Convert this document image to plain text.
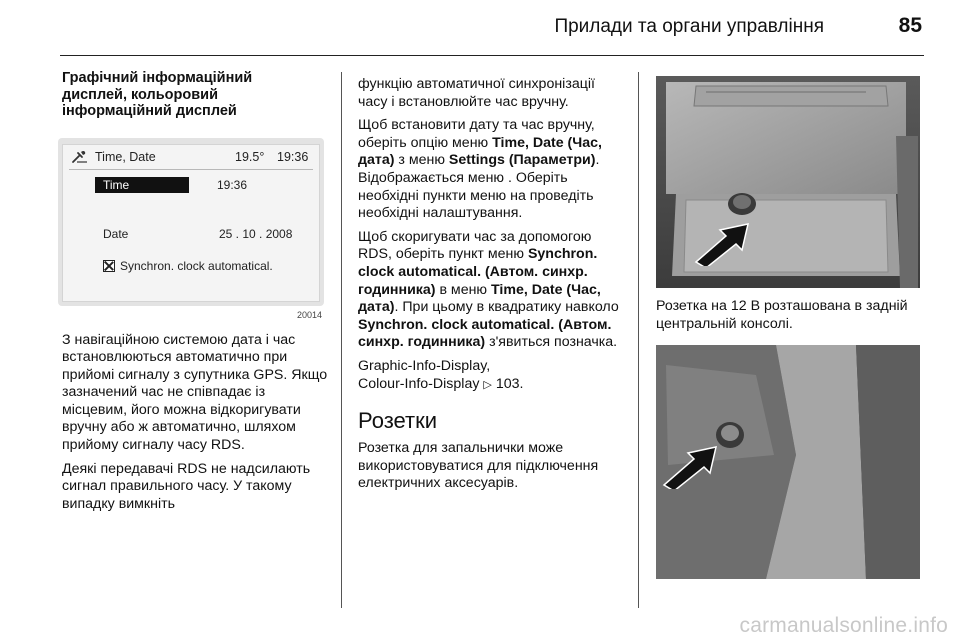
Прилади та органи управління	85
Графічний інформаційний
дисплей, кольоровий
інформаційний дисплей
Time, Date	19.5° 19:36
Time	19:36
Date	25 . 10 . 2008
Synchron. clock automatical.
20014

З навігаційною системою дата і час встановлюються автоматично при прийомі сигналу з супутника GPS. Якщо зазначений час не співпадає із місцевим, його можна відкоригувати вручну або ж автоматично, шляхом прийому сигналу часу RDS.

Деякі передавачі RDS не надсилають сигнал правильного часу. У такому випадку вимкніть

функцію автоматичної синхронізації часу і встановлюйте час вручну.

Щоб встановити дату та час вручну, оберіть опцію меню Time, Date (Час, дата) з меню Settings (Параметри). Відображається меню . Оберіть необхідні пункти меню на проведіть необхідні налаштування.

Щоб скоригувати час за допомогою RDS, оберіть пункт меню Synchron. clock automatical. (Автом. синхр. годинника) в меню Time, Date (Час, дата). При цьому в квадратику навколо Synchron. clock automatical. (Автом. синхр. годинника) з'явиться позначка.

Graphic-Info-Display,
Colour-Info-Display ▷ 103.

Розетки

Розетка для запальнички може використовуватися для підключення електричних аксесуарів.

Розетка на 12 В розташована в задній центральній консолі.

carmanualsonline.info
